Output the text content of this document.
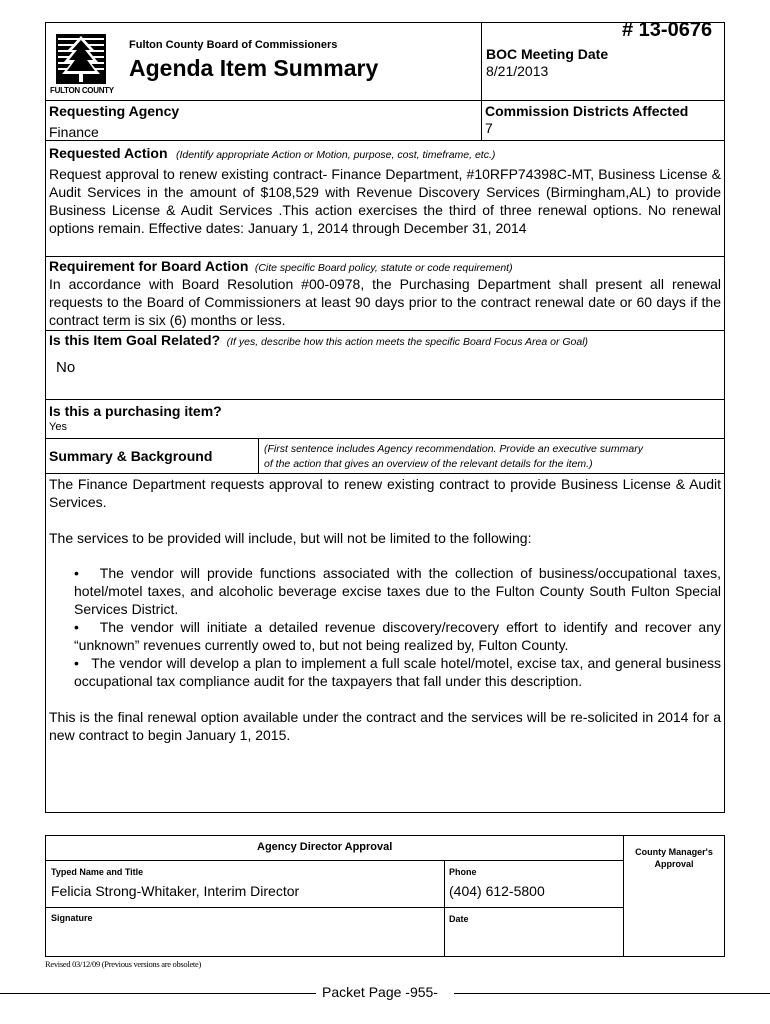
# 13-0676
FULTON COUNTY
Fulton County Board of Commissioners
Agenda Item Summary
BOC Meeting Date
8/21/2013
Requesting Agency
Finance
Commission Districts Affected
7
Requested Action (Identify appropriate Action or Motion, purpose, cost, timeframe, etc.)
Request approval to renew existing contract- Finance Department, #10RFP74398C-MT, Business License & Audit Services in the amount of $108,529 with Revenue Discovery Services (Birmingham,AL) to provide Business License & Audit Services .This action exercises the third of three renewal options. No renewal options remain. Effective dates: January 1, 2014 through December 31, 2014
Requirement for Board Action (Cite specific Board policy, statute or code requirement)
In accordance with Board Resolution #00-0978, the Purchasing Department shall present all renewal requests to the Board of Commissioners at least 90 days prior to the contract renewal date or 60 days if the contract term is six (6) months or less.
Is this Item Goal Related? (If yes, describe how this action meets the specific Board Focus Area or Goal)
No
Is this a purchasing item?
Yes
Summary & Background	(First sentence includes Agency recommendation. Provide an executive summary
of the action that gives an overview of the relevant details for the item.)
The Finance Department requests approval to renew existing contract to provide Business License & Audit Services.
The services to be provided will include, but will not be limited to the following:
•   The vendor will provide functions associated with the collection of business/occupational taxes, hotel/motel taxes, and alcoholic beverage excise taxes due to the Fulton County South Fulton Special Services District.
•   The vendor will initiate a detailed revenue discovery/recovery effort to identify and recover any “unknown” revenues currently owed to, but not being realized by, Fulton County.
•   The vendor will develop a plan to implement a full scale hotel/motel, excise tax, and general business occupational tax compliance audit for the taxpayers that fall under this description.
This is the final renewal option available under the contract and the services will be re-solicited in 2014 for a new contract to begin January 1, 2015.
Agency Director Approval	County Manager's
Approval
Typed Name and Title
Felicia Strong-Whitaker, Interim Director
Phone
(404) 612-5800
Signature	Date
Revised 03/12/09 (Previous versions are obsolete)
Packet Page -955-
